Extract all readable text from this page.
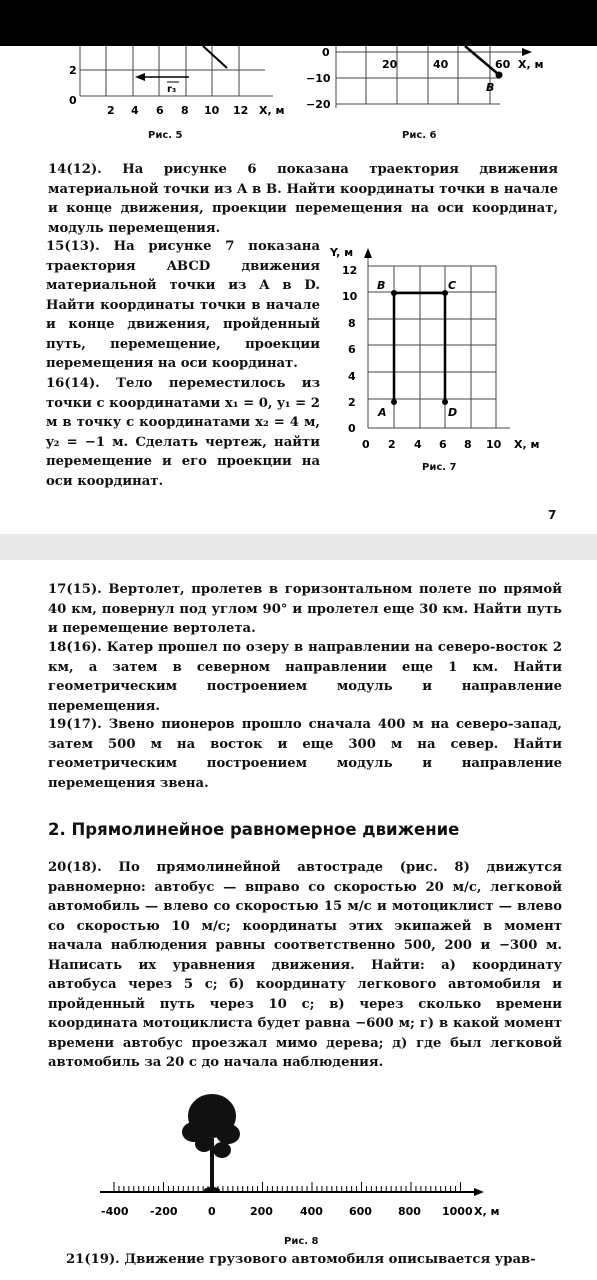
r₃
2
0
2 4 6 8 10 12 X, м
Рис. 5
20	40	60 X, м
B
0
−10
−20
Рис. 6
14(12). На рисунке 6 показана траектория движения материальной точки из A в B. Найти координаты точки в начале и конце движения, проекции перемещения на оси координат, модуль перемещения.
15(13). На рисунке 7 показана траектория ABCD движения материальной точки из A в D. Найти координаты точки в начале и конце движения, пройденный путь, перемещение, проекции перемещения на оси координат.
16(14). Тело переместилось из точки с координатами x₁ = 0, y₁ = 2 м в точку с координатами x₂ = 4 м, y₂ = −1 м. Сделать чертеж, найти перемещение и его проекции на оси координат.
A
B	C
D
Y, м
12
10
8
6
4
2
0
0 2 4 6 8 10 X, м
Рис. 7
7
17(15). Вертолет, пролетев в горизонтальном полете по прямой 40 км, повернул под углом 90° и пролетел еще 30 км. Найти путь и перемещение вертолета.
18(16). Катер прошел по озеру в направлении на северо-восток 2 км, а затем в северном направлении еще 1 км. Найти геометрическим построением модуль и направление перемещения.
19(17). Звено пионеров прошло сначала 400 м на северо-запад, затем 500 м на восток и еще 300 м на север. Найти геометрическим построением модуль и направление перемещения звена.
2. Прямолинейное равномерное движение
20(18). По прямолинейной автостраде (рис. 8) движутся равномерно: автобус — вправо со скоростью 20 м/с, легковой автомобиль — влево со скоростью 15 м/с и мотоциклист — влево со скоростью 10 м/с; координаты этих экипажей в момент начала наблюдения равны соответственно 500, 200 и −300 м. Написать их уравнения движения. Найти: а) координату автобуса через 5 с; б) координату легкового автомобиля и пройденный путь через 10 с; в) через сколько времени координата мотоциклиста будет равна −600 м; г) в какой момент времени автобус проезжал мимо дерева; д) где был легковой автомобиль за 20 с до начала наблюдения.
-400 -200	0	200 400 600 800 1000 X, м
Рис. 8
21(19). Движение грузового автомобиля описывается урав-
